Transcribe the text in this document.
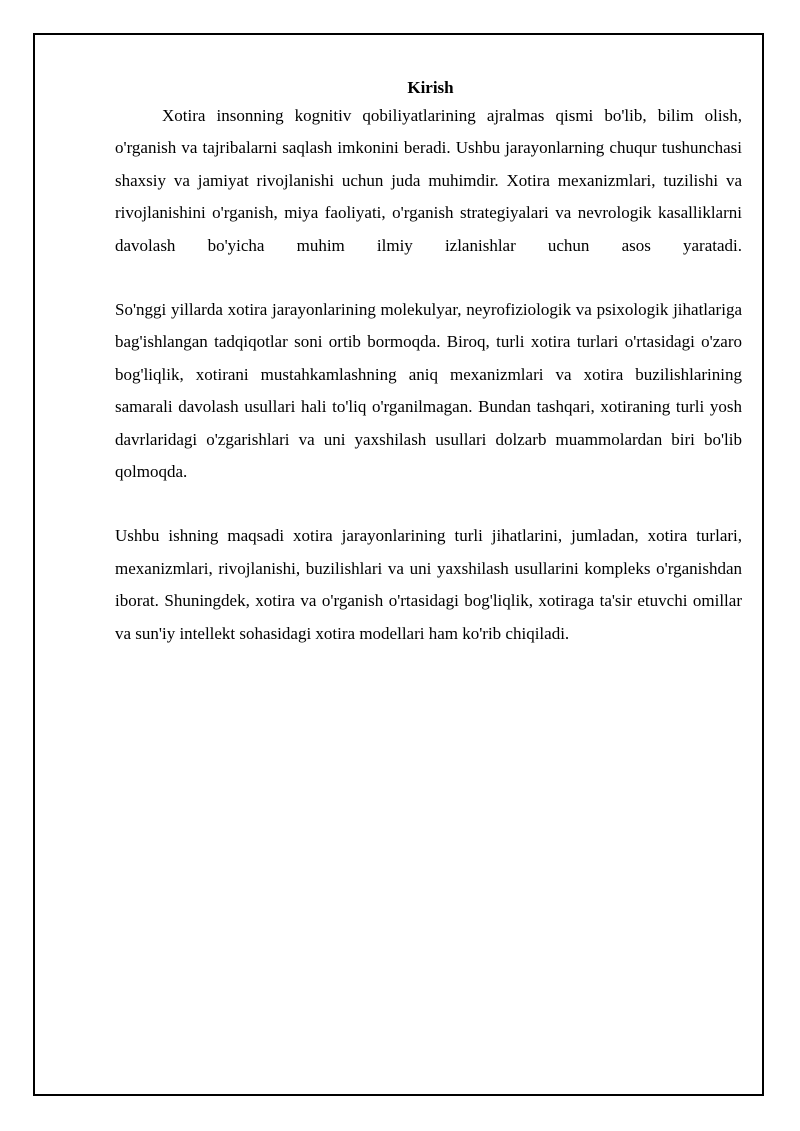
Kirish

Xotira insonning kognitiv qobiliyatlarining ajralmas qismi bo'lib, bilim olish, o'rganish va tajribalarni saqlash imkonini beradi. Ushbu jarayonlarning chuqur tushunchasi shaxsiy va jamiyat rivojlanishi uchun juda muhimdir. Xotira mexanizmlari, tuzilishi va rivojlanishini o'rganish, miya faoliyati, o'rganish strategiyalari va nevrologik kasalliklarni davolash bo'yicha muhim ilmiy izlanishlar uchun asos yaratadi.

So'nggi yillarda xotira jarayonlarining molekulyar, neyrofiziologik va psixologik jihatlariga bag'ishlangan tadqiqotlar soni ortib bormoqda. Biroq, turli xotira turlari o'rtasidagi o'zaro bog'liqlik, xotirani mustahkamlashning aniq mexanizmlari va xotira buzilishlarining samarali davolash usullari hali to'liq o'rganilmagan. Bundan tashqari, xotiraning turli yosh davrlaridagi o'zgarishlari va uni yaxshilash usullari dolzarb muammolardan biri bo'lib qolmoqda.

Ushbu ishning maqsadi xotira jarayonlarining turli jihatlarini, jumladan, xotira turlari, mexanizmlari, rivojlanishi, buzilishlari va uni yaxshilash usullarini kompleks o'rganishdan iborat. Shuningdek, xotira va o'rganish o'rtasidagi bog'liqlik, xotiraga ta'sir etuvchi omillar va sun'iy intellekt sohasidagi xotira modellari ham ko'rib chiqiladi.
